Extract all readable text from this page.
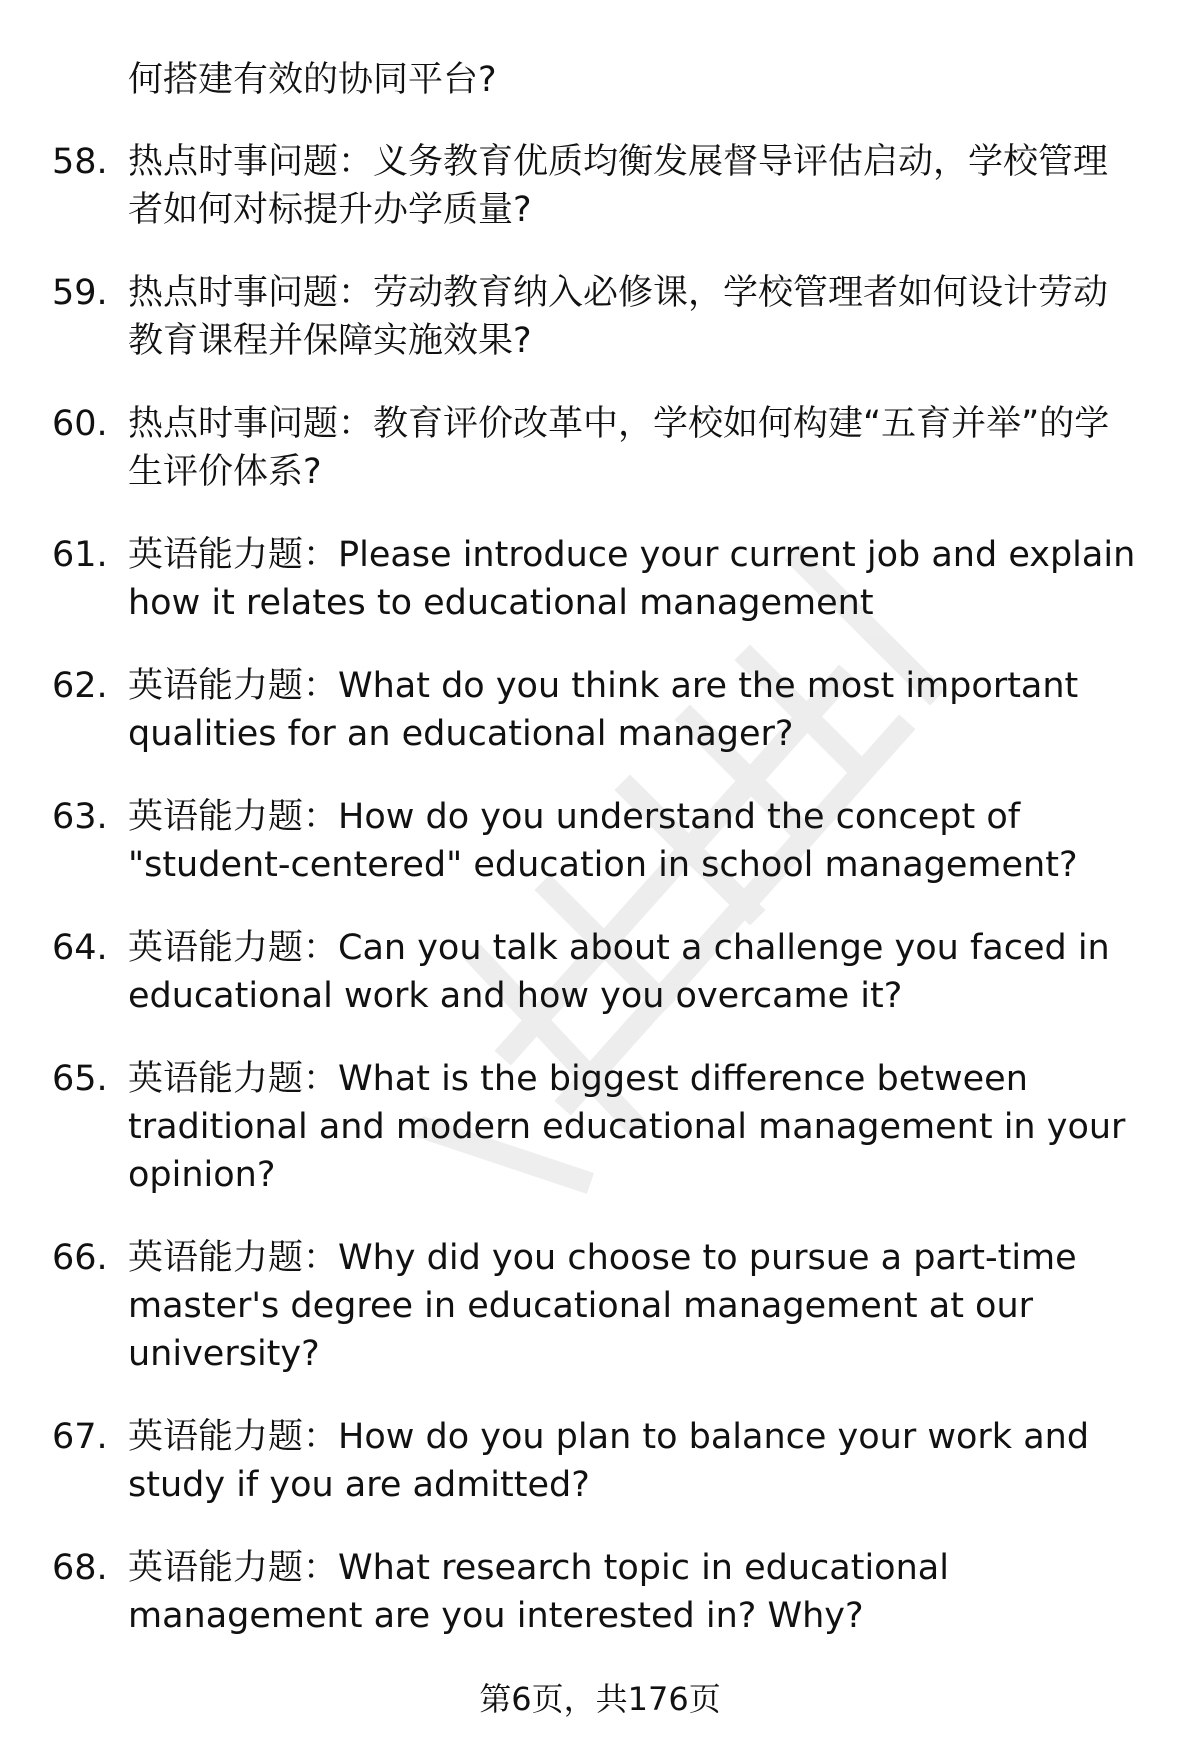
何搭建有效的协同平台?
58. 热点时事问题：义务教育优质均衡发展督导评估启动，学校管理者如何对标提升办学质量?
59. 热点时事问题：劳动教育纳入必修课，学校管理者如何设计劳动教育课程并保障实施效果?
60. 热点时事问题：教育评价改革中，学校如何构建“五育并举”的学生评价体系?
61. 英语能力题：Please introduce your current job and explain how it relates to educational management
62. 英语能力题：What do you think are the most important qualities for an educational manager?
63. 英语能力题：How do you understand the concept of "student-centered" education in school management?
64. 英语能力题：Can you talk about a challenge you faced in educational work and how you overcame it?
65. 英语能力题：What is the biggest difference between traditional and modern educational management in your opinion?
66. 英语能力题：Why did you choose to pursue a part-time master's degree in educational management at our university?
67. 英语能力题：How do you plan to balance your work and study if you are admitted?
68. 英语能力题：What research topic in educational management are you interested in? Why?
第6页，共176页
